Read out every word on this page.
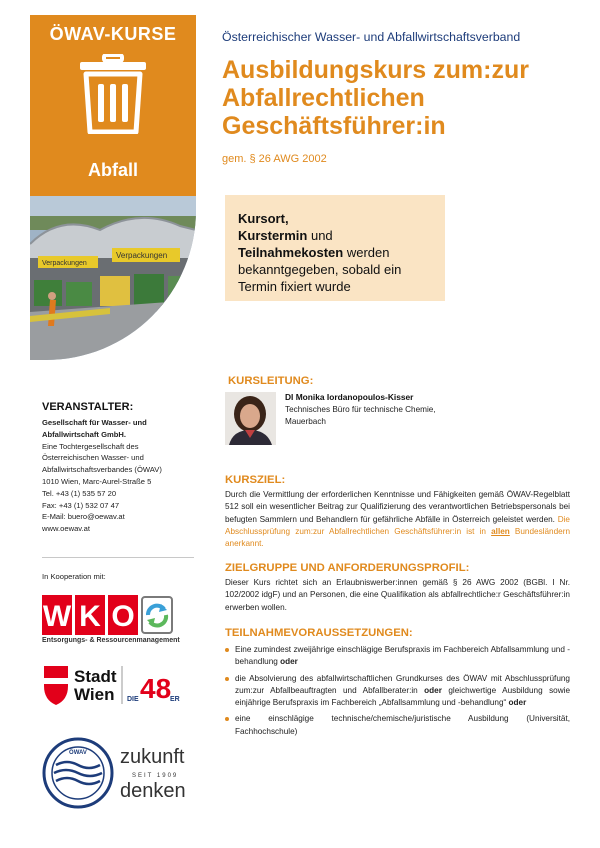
ÖWAV-KURSE
Abfall
Verpackungen
Verpackungen
Österreichischer Wasser- und Abfallwirtschaftsverband
Ausbildungskurs zum:zur
Abfallrechtlichen
Geschäftsführer:in
gem. § 26 AWG 2002
Kursort,
Kurstermin und
Teilnahmekosten werden
bekanntgegeben, sobald ein
Termin fixiert wurde
KURSLEITUNG:
DI Monika Iordanopoulos-Kisser
Technisches Büro für technische Chemie,
Mauerbach
KURSZIEL:
Durch die Vermittlung der erforderlichen Kenntnisse und Fähigkeiten gemäß ÖWAV-Regelblatt 512 soll ein wesentlicher Beitrag zur Qualifizierung des verantwortlichen Betriebspersonals bei befugten Sammlern und Behandlern für gefährliche Abfälle in Österreich geleistet werden. Die Abschlussprüfung zum:zur Abfallrechtlichen Geschäftsführer:in ist in allen Bundesländern anerkannt.
ZIELGRUPPE UND ANFORDERUNGSPROFIL:
Dieser Kurs richtet sich an Erlaubniswerber:innen gemäß § 26 AWG 2002 (BGBl. I Nr. 102/2002 idgF) und an Personen, die eine Qualifikation als abfallrechtliche:r Geschäftsführer:in erwerben wollen.
TEILNAHMEVORAUSSETZUNGEN:
Eine zumindest zweijährige einschlägige Berufspraxis im Fachbereich Abfallsammlung und -behandlung oder
die Absolvierung des abfallwirtschaftlichen Grundkurses des ÖWAV mit Abschlussprüfung zum:zur Abfallbeauftragten und Abfallberater:in oder gleichwertige Ausbildung sowie einjährige Berufspraxis im Fachbereich „Abfallsammlung und -behandlung“ oder
eine einschlägige technische/chemische/juristische Ausbildung (Universität, Fachhochschule)
VERANSTALTER:
Gesellschaft für Wasser- und
Abfallwirtschaft GmbH.
Eine Tochtergesellschaft des
Österreichischen Wasser- und
Abfallwirtschaftsverbandes (ÖWAV)
1010 Wien, Marc-Aurel-Straße 5
Tel. +43 (1) 535 57 20
Fax: +43 (1) 532 07 47
E-Mail: buero@oewav.at
www.oewav.at
In Kooperation mit:
W K O
Entsorgungs- & Ressourcenmanagement
Stadt
Wien DIE 48
ER
ÖWAV zukunft
SEIT 1909
denken
